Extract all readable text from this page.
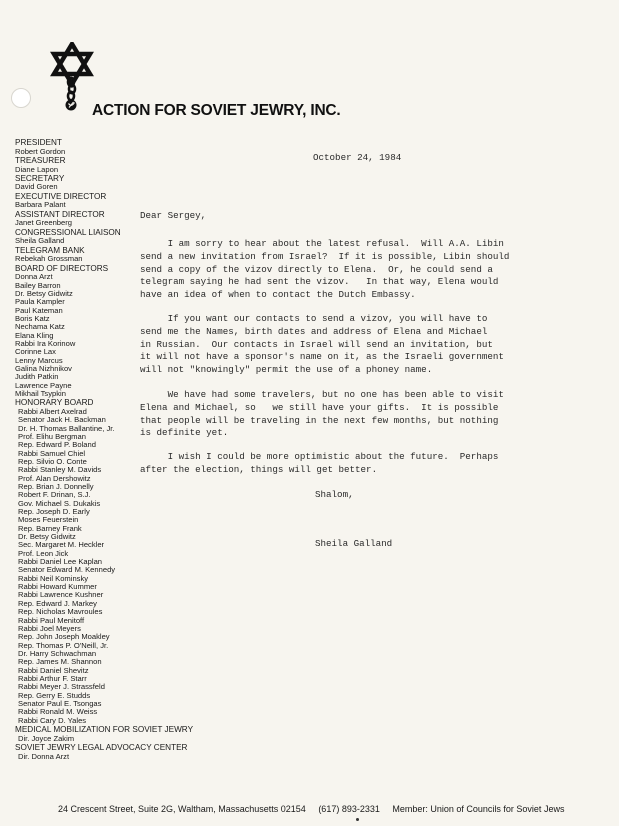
ACTION FOR SOVIET JEWRY, INC.
PRESIDENT
Robert Gordon
TREASURER
Diane Lapon
SECRETARY
David Goren
EXECUTIVE DIRECTOR
Barbara Palant
ASSISTANT DIRECTOR
Janet Greenberg
CONGRESSIONAL LIAISON
Sheila Galland
TELEGRAM BANK
Rebekah Grossman
BOARD OF DIRECTORS
Donna Arzt
Bailey Barron
Dr. Betsy Gidwitz
Paula Kampler
Paul Kateman
Boris Katz
Nechama Katz
Elana Kling
Rabbi Ira Korinow
Corinne Lax
Lenny Marcus
Galina Nizhnikov
Judith Patkin
Lawrence Payne
Mikhail Tsypkin
HONORARY BOARD
Rabbi Albert Axelrad
Senator Jack H. Backman
Dr. H. Thomas Ballantine, Jr.
Prof. Elihu Bergman
Rep. Edward P. Boland
Rabbi Samuel Chiel
Rep. Silvio O. Conte
Rabbi Stanley M. Davids
Prof. Alan Dershowitz
Rep. Brian J. Donnelly
Robert F. Drinan, S.J.
Gov. Michael S. Dukakis
Rep. Joseph D. Early
Moses Feuerstein
Rep. Barney Frank
Dr. Betsy Gidwitz
Sec. Margaret M. Heckler
Prof. Leon Jick
Rabbi Daniel Lee Kaplan
Senator Edward M. Kennedy
Rabbi Neil Kominsky
Rabbi Howard Kummer
Rabbi Lawrence Kushner
Rep. Edward J. Markey
Rep. Nicholas Mavroules
Rabbi Paul Menitoff
Rabbi Joel Meyers
Rep. John Joseph Moakley
Rep. Thomas P. O'Neill, Jr.
Dr. Harry Schwachman
Rep. James M. Shannon
Rabbi Daniel Shevitz
Rabbi Arthur F. Starr
Rabbi Meyer J. Strassfeld
Rep. Gerry E. Studds
Senator Paul E. Tsongas
Rabbi Ronald M. Weiss
Rabbi Cary D. Yales
MEDICAL MOBILIZATION FOR SOVIET JEWRY
Dir. Joyce Zakim
SOVIET JEWRY LEGAL ADVOCACY CENTER
Dir. Donna Arzt
October 24, 1984
Dear Sergey,
I am sorry to hear about the latest refusal.  Will A.A. Libin
send a new invitation from Israel?  If it is possible, Libin should
send a copy of the vizov directly to Elena.  Or, he could send a
telegram saying he had sent the vizov.   In that way, Elena would
have an idea of when to contact the Dutch Embassy.
If you want our contacts to send a vizov, you will have to
send me the Names, birth dates and address of Elena and Michael
in Russian.  Our contacts in Israel will send an invitation, but
it will not have a sponsor's name on it, as the Israeli government
will not "knowingly" permit the use of a phoney name.
We have had some travelers, but no one has been able to visit
Elena and Michael, so   we still have your gifts.  It is possible
that people will be traveling in the next few months, but nothing
is definite yet.
I wish I could be more optimistic about the future.  Perhaps
after the election, things will get better.
Shalom,
Sheila Galland
24 Crescent Street, Suite 2G, Waltham, Massachusetts 02154 (617) 893-2331 Member: Union of Councils for Soviet Jews
